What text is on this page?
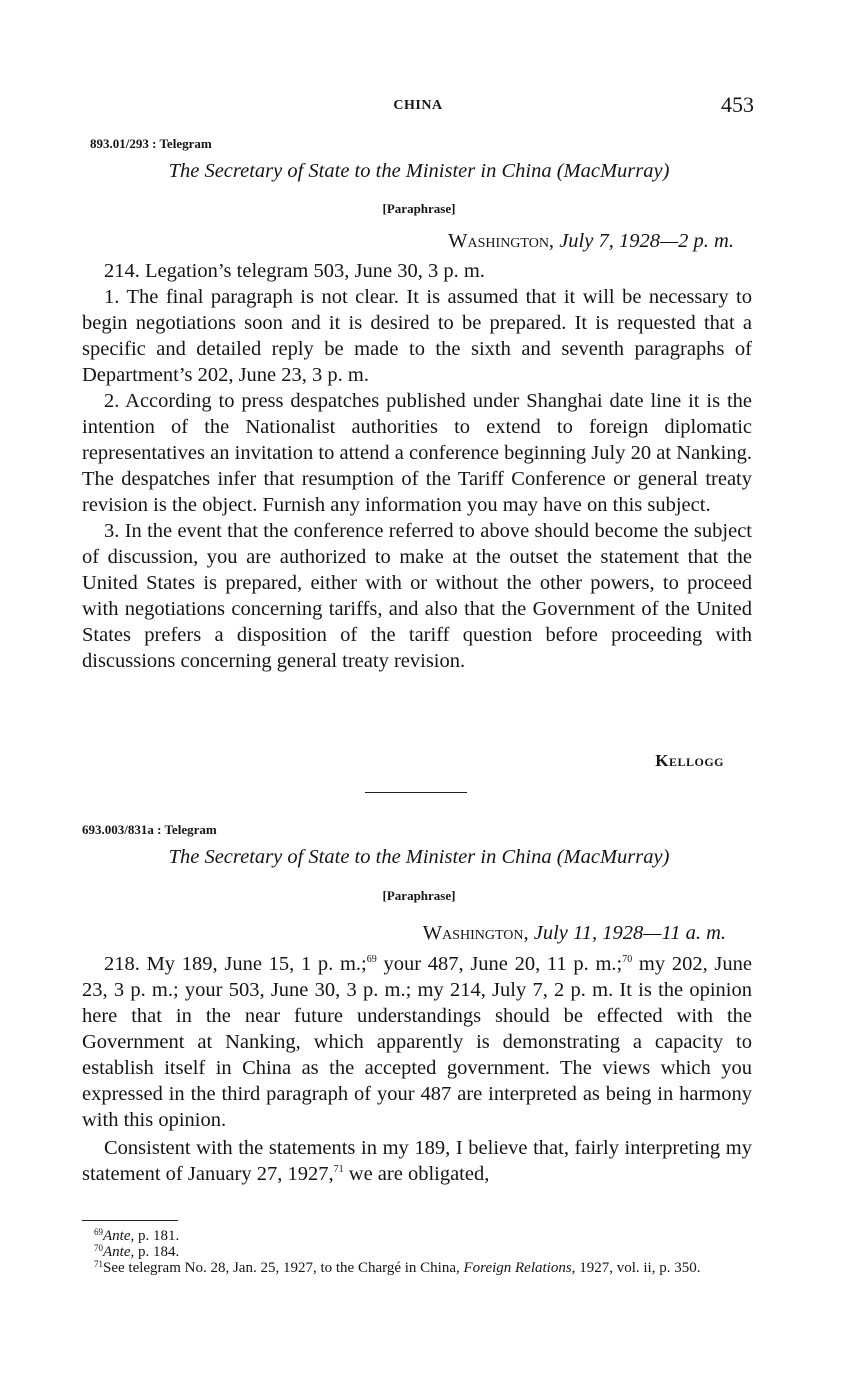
CHINA	453
893.01/293 : Telegram
The Secretary of State to the Minister in China (MacMurray)
[Paraphrase]
Washington, July 7, 1928—2 p. m.

214. Legation’s telegram 503, June 30, 3 p. m.

1. The final paragraph is not clear. It is assumed that it will be necessary to begin negotiations soon and it is desired to be prepared. It is requested that a specific and detailed reply be made to the sixth and seventh paragraphs of Department’s 202, June 23, 3 p. m.

2. According to press despatches published under Shanghai date line it is the intention of the Nationalist authorities to extend to foreign diplomatic representatives an invitation to attend a conference beginning July 20 at Nanking. The despatches infer that resumption of the Tariff Conference or general treaty revision is the object. Furnish any information you may have on this subject.

3. In the event that the conference referred to above should become the subject of discussion, you are authorized to make at the outset the statement that the United States is prepared, either with or without the other powers, to proceed with negotiations concerning tariffs, and also that the Government of the United States prefers a disposition of the tariff question before proceeding with discussions concerning general treaty revision.

Kellogg
693.003/831a : Telegram
The Secretary of State to the Minister in China (MacMurray)
[Paraphrase]
Washington, July 11, 1928—11 a. m.

218. My 189, June 15, 1 p. m.;$^{69}$ your 487, June 20, 11 p. m.;$^{70}$ my 202, June 23, 3 p. m.; your 503, June 30, 3 p. m.; my 214, July 7, 2 p. m. It is the opinion here that in the near future understandings should be effected with the Government at Nanking, which apparently is demonstrating a capacity to establish itself in China as the accepted government. The views which you expressed in the third paragraph of your 487 are interpreted as being in harmony with this opinion.

Consistent with the statements in my 189, I believe that, fairly interpreting my statement of January 27, 1927,71 we are obligated,

$^{69}$Ante, p. 181.
$^{70}$Ante, p. 184.
$^{71}$See telegram No. 28, Jan. 25, 1927, to the Chargé in China, Foreign Relations, 1927, vol. ii, p. 350.
